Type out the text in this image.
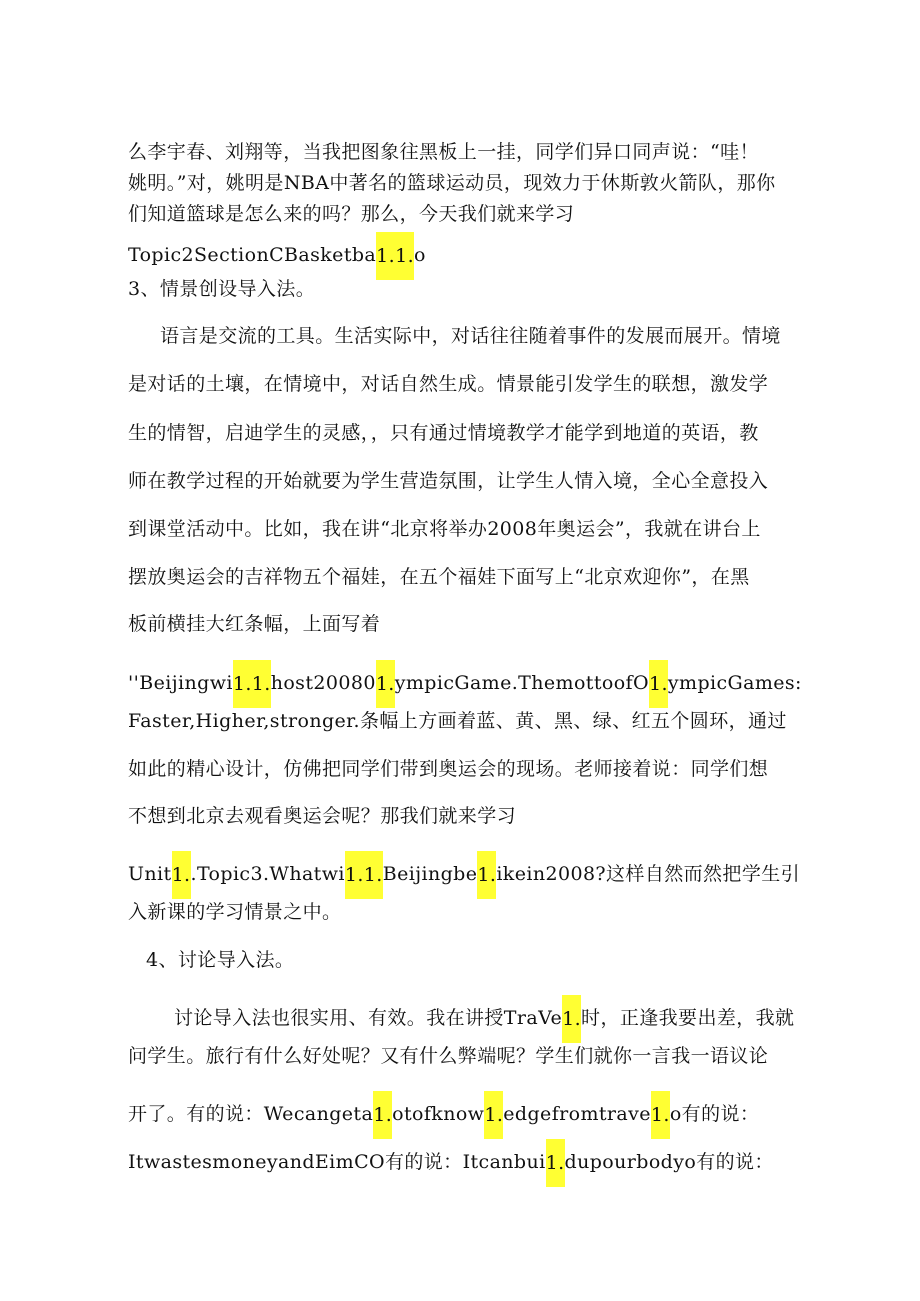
么李宇春、刘翔等，当我把图象往黑板上一挂，同学们异口同声说：“哇！
姚明。”对，姚明是NBA中著名的篮球运动员，现效力于休斯敦火箭队，那你
们知道篮球是怎么来的吗？那么，今天我们就来学习
Topic2SectionCBasketba1.1.o
3、情景创设导入法。
语言是交流的工具。生活实际中，对话往往随着事件的发展而展开。情境
是对话的土壤，在情境中，对话自然生成。情景能引发学生的联想，激发学
生的情智，启迪学生的灵感，，只有通过情境教学才能学到地道的英语，教
师在教学过程的开始就要为学生营造氛围，让学生人情入境，全心全意投入
到课堂活动中。比如，我在讲“北京将举办2008年奥运会”，我就在讲台上
摆放奥运会的吉祥物五个福娃，在五个福娃下面写上“北京欢迎你”，在黑
板前横挂大红条幅，上面写着
''Beijingwi1.1.host200801.ympicGame.ThemottoofO1.ympicGames:
Faster,Higher,stronger.条幅上方画着蓝、黄、黑、绿、红五个圆环，通过
如此的精心设计，仿佛把同学们带到奥运会的现场。老师接着说：同学们想
不想到北京去观看奥运会呢？那我们就来学习
Unit1..Topic3.Whatwi1.1.Beijingbe1.ikein2008?这样自然而然把学生引
入新课的学习情景之中。
4、讨论导入法。
讨论导入法也很实用、有效。我在讲授TraVe1.时，正逢我要出差，我就
问学生。旅行有什么好处呢？又有什么弊端呢？学生们就你一言我一语议论
开了。有的说：Wecangeta1.otofknow1.edgefromtrave1.o有的说：
ItwastesmoneyandEimCO有的说：Itcanbui1.dupourbodyo有的说：
